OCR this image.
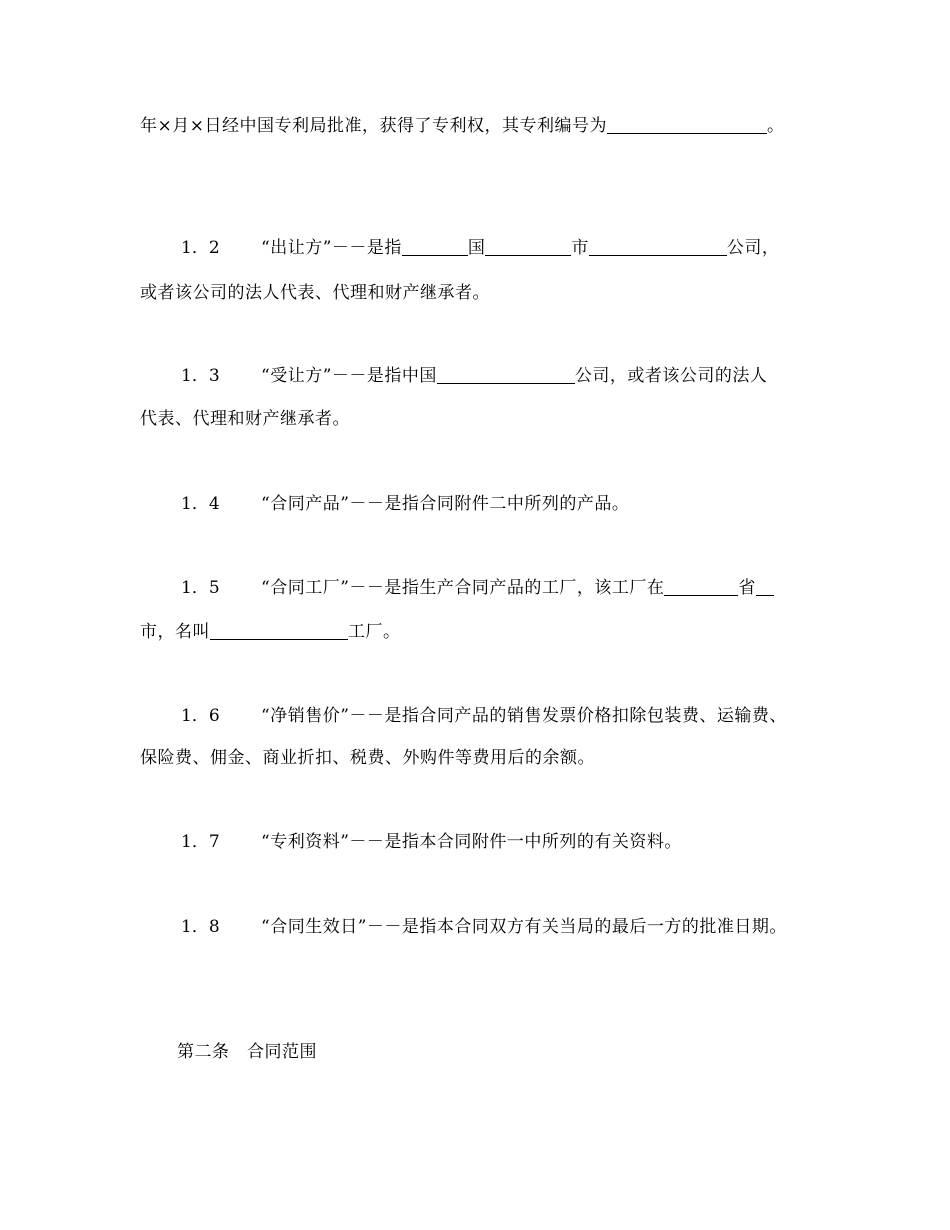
年×月×日经中国专利局批准，获得了专利权，其专利编号为	。
1．2 “出让方”－－是指	国	市	公司，
或者该公司的法人代表、代理和财产继承者。
1．3 “受让方”－－是指中国	公司，或者该公司的法人
代表、代理和财产继承者。
1．4 “合同产品”－－是指合同附件二中所列的产品。
1．5 “合同工厂”－－是指生产合同产品的工厂，该工厂在	省
市，名叫	工厂。
1．6 “净销售价”－－是指合同产品的销售发票价格扣除包装费、运输费、
保险费、佣金、商业折扣、税费、外购件等费用后的余额。
1．7 “专利资料”－－是指本合同附件一中所列的有关资料。
1．8 “合同生效日”－－是指本合同双方有关当局的最后一方的批准日期。
第二条　合同范围
